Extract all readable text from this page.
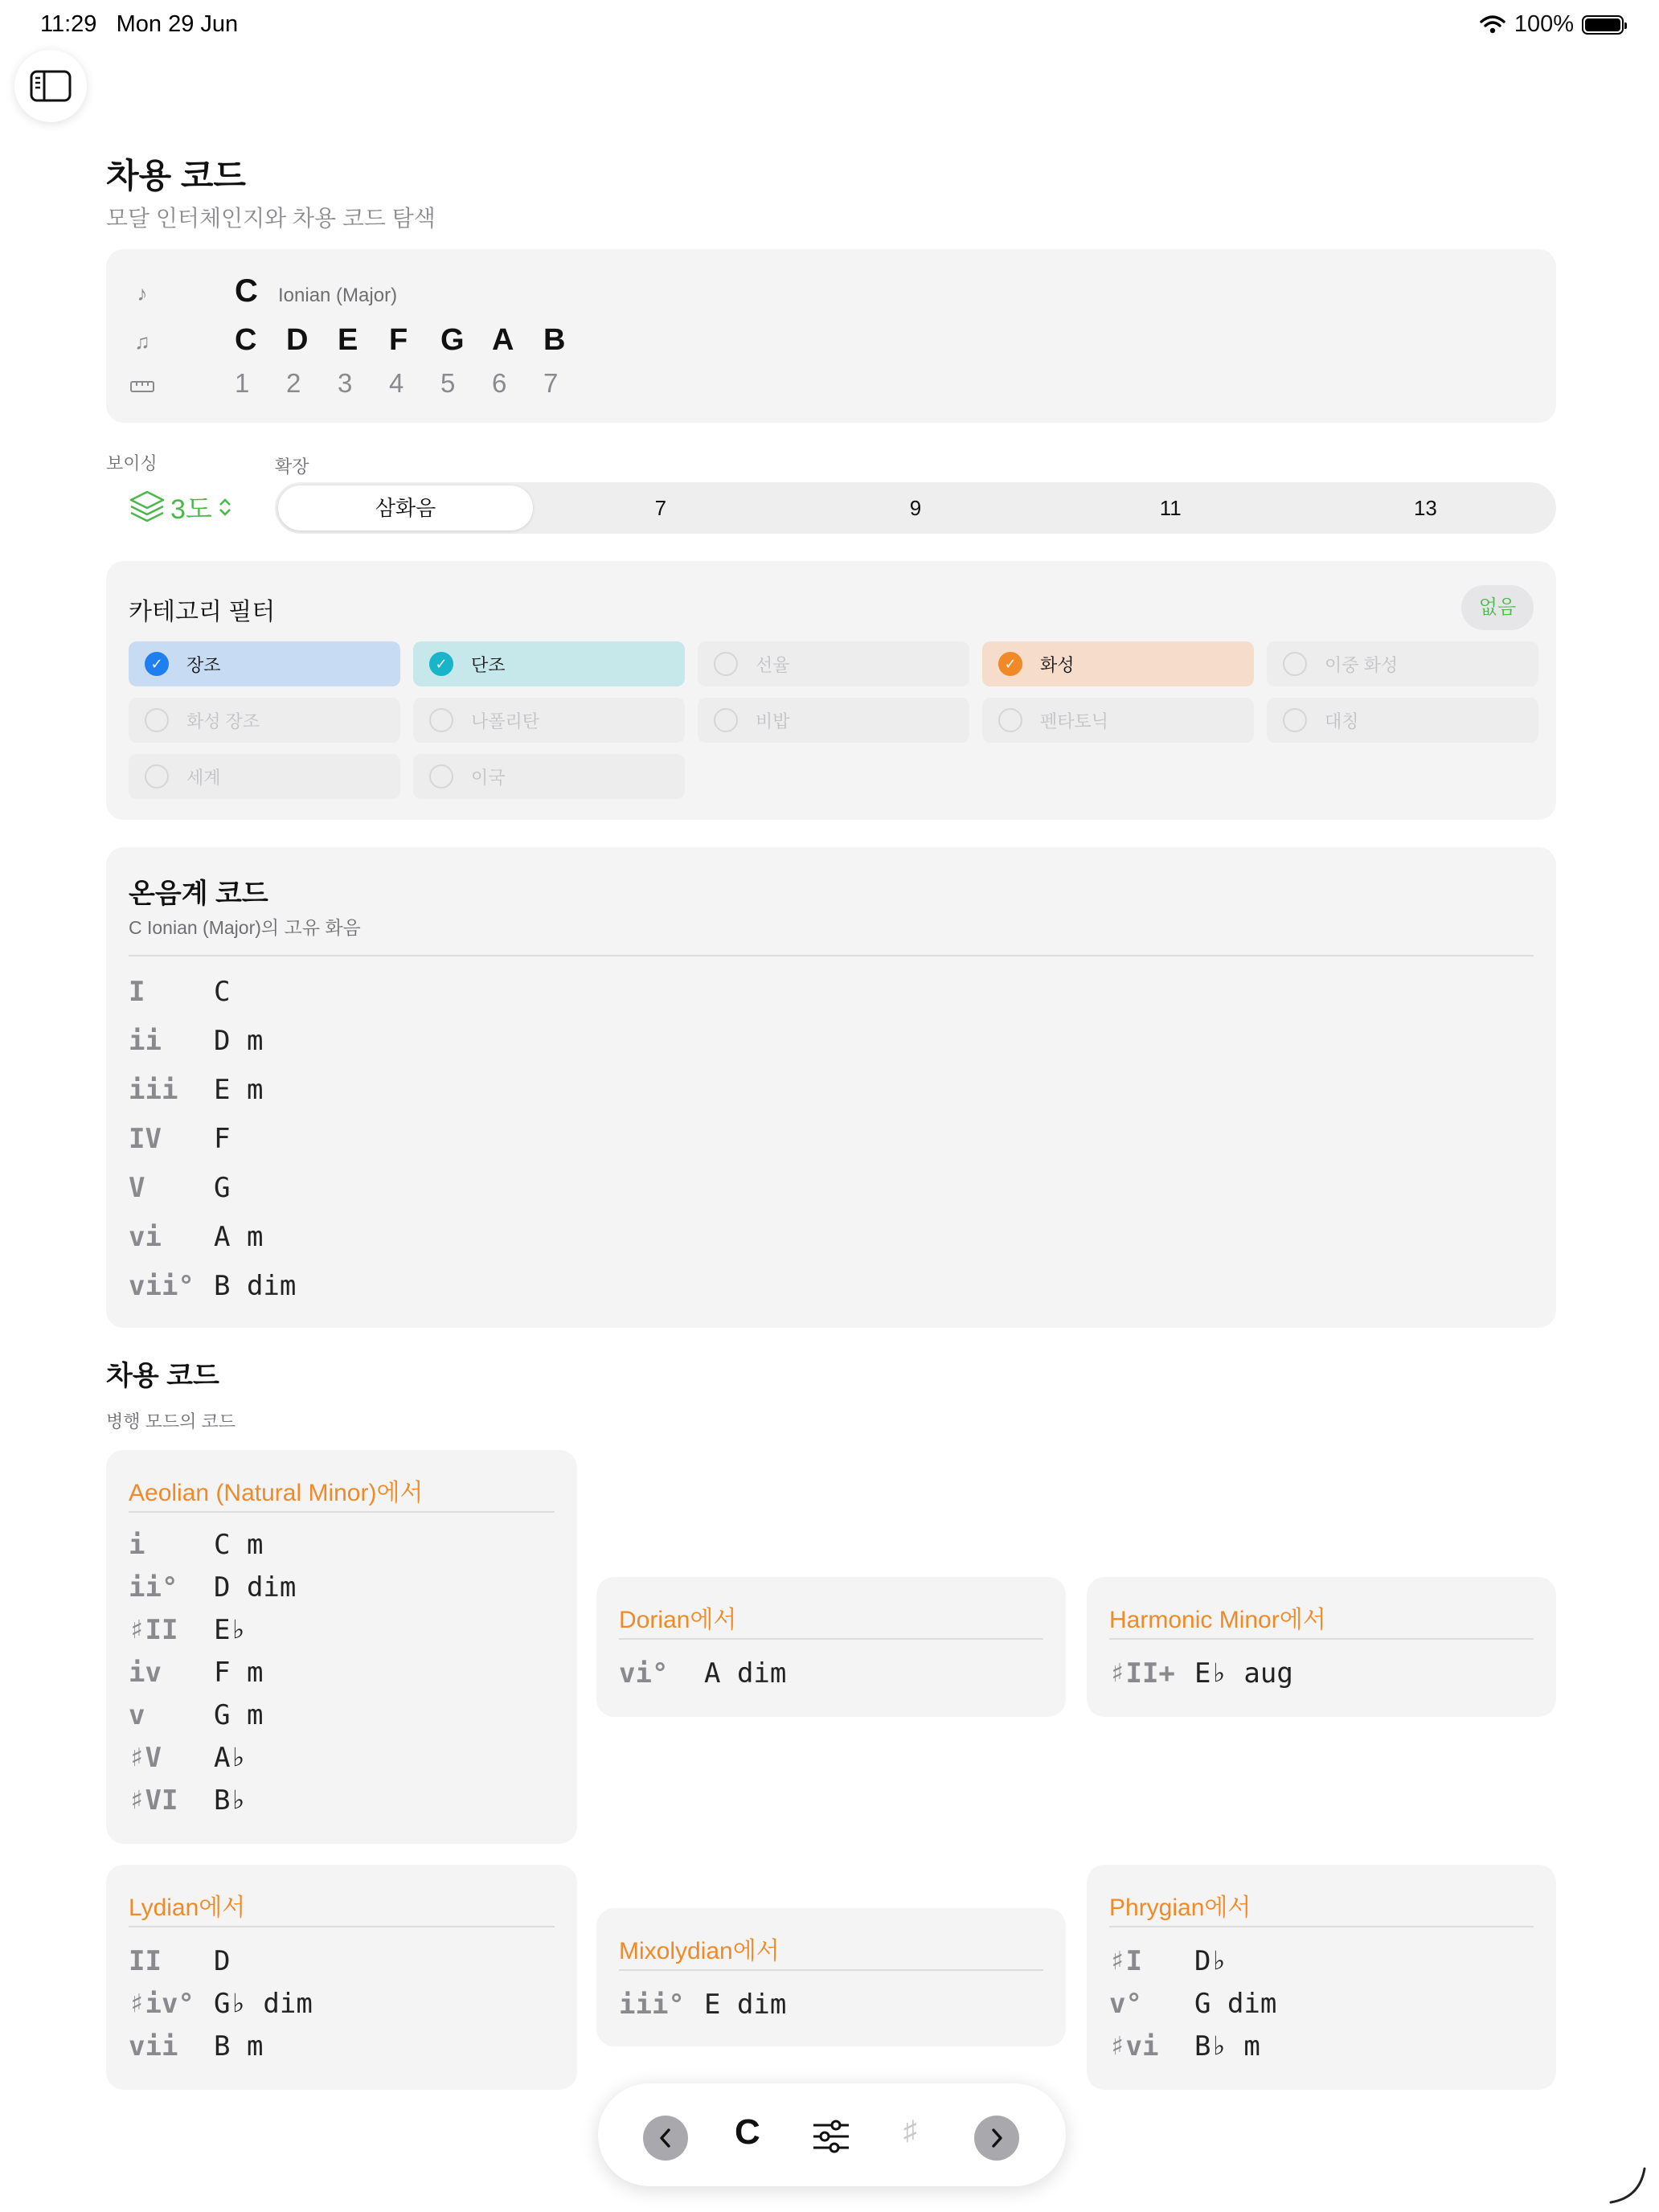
11:29 Mon 29 Jun	100%
차용 코드
모달 인터체인지와 차용 코드 탐색
♪
♫
C Ionian (Major)
C D E	F	G A B
1	2	3	4	5	6	7
보이싱	확장
3도	삼화음	7	9	11	13
카테고리 필터	없음
✓	장조	✓	단조	선율	✓	화성	이중 화성
화성 장조	나폴리탄	비밥	펜타토닉	대칭
세계	이국
온음계 코드
C Ionian (Major)의 고유 화음
I	C
ii	D m
iii	E m
IV	F
V	G
vi	A m
vii° B dim
차용 코드
병행 모드의 코드
Aeolian (Natural Minor)에서
i	C m
ii°	D dim
♯II	E♭
iv	F m
v	G m
♯V	A♭
♯VI	B♭
Dorian에서
vi°	A dim
Harmonic Minor에서
♯II+ E♭ aug
Lydian에서
II	D
♯iv° G♭ dim
vii	B m
Mixolydian에서
iii° E dim
Phrygian에서
♯I	D♭
v°	G dim
♯vi	B♭ m
C	♯
